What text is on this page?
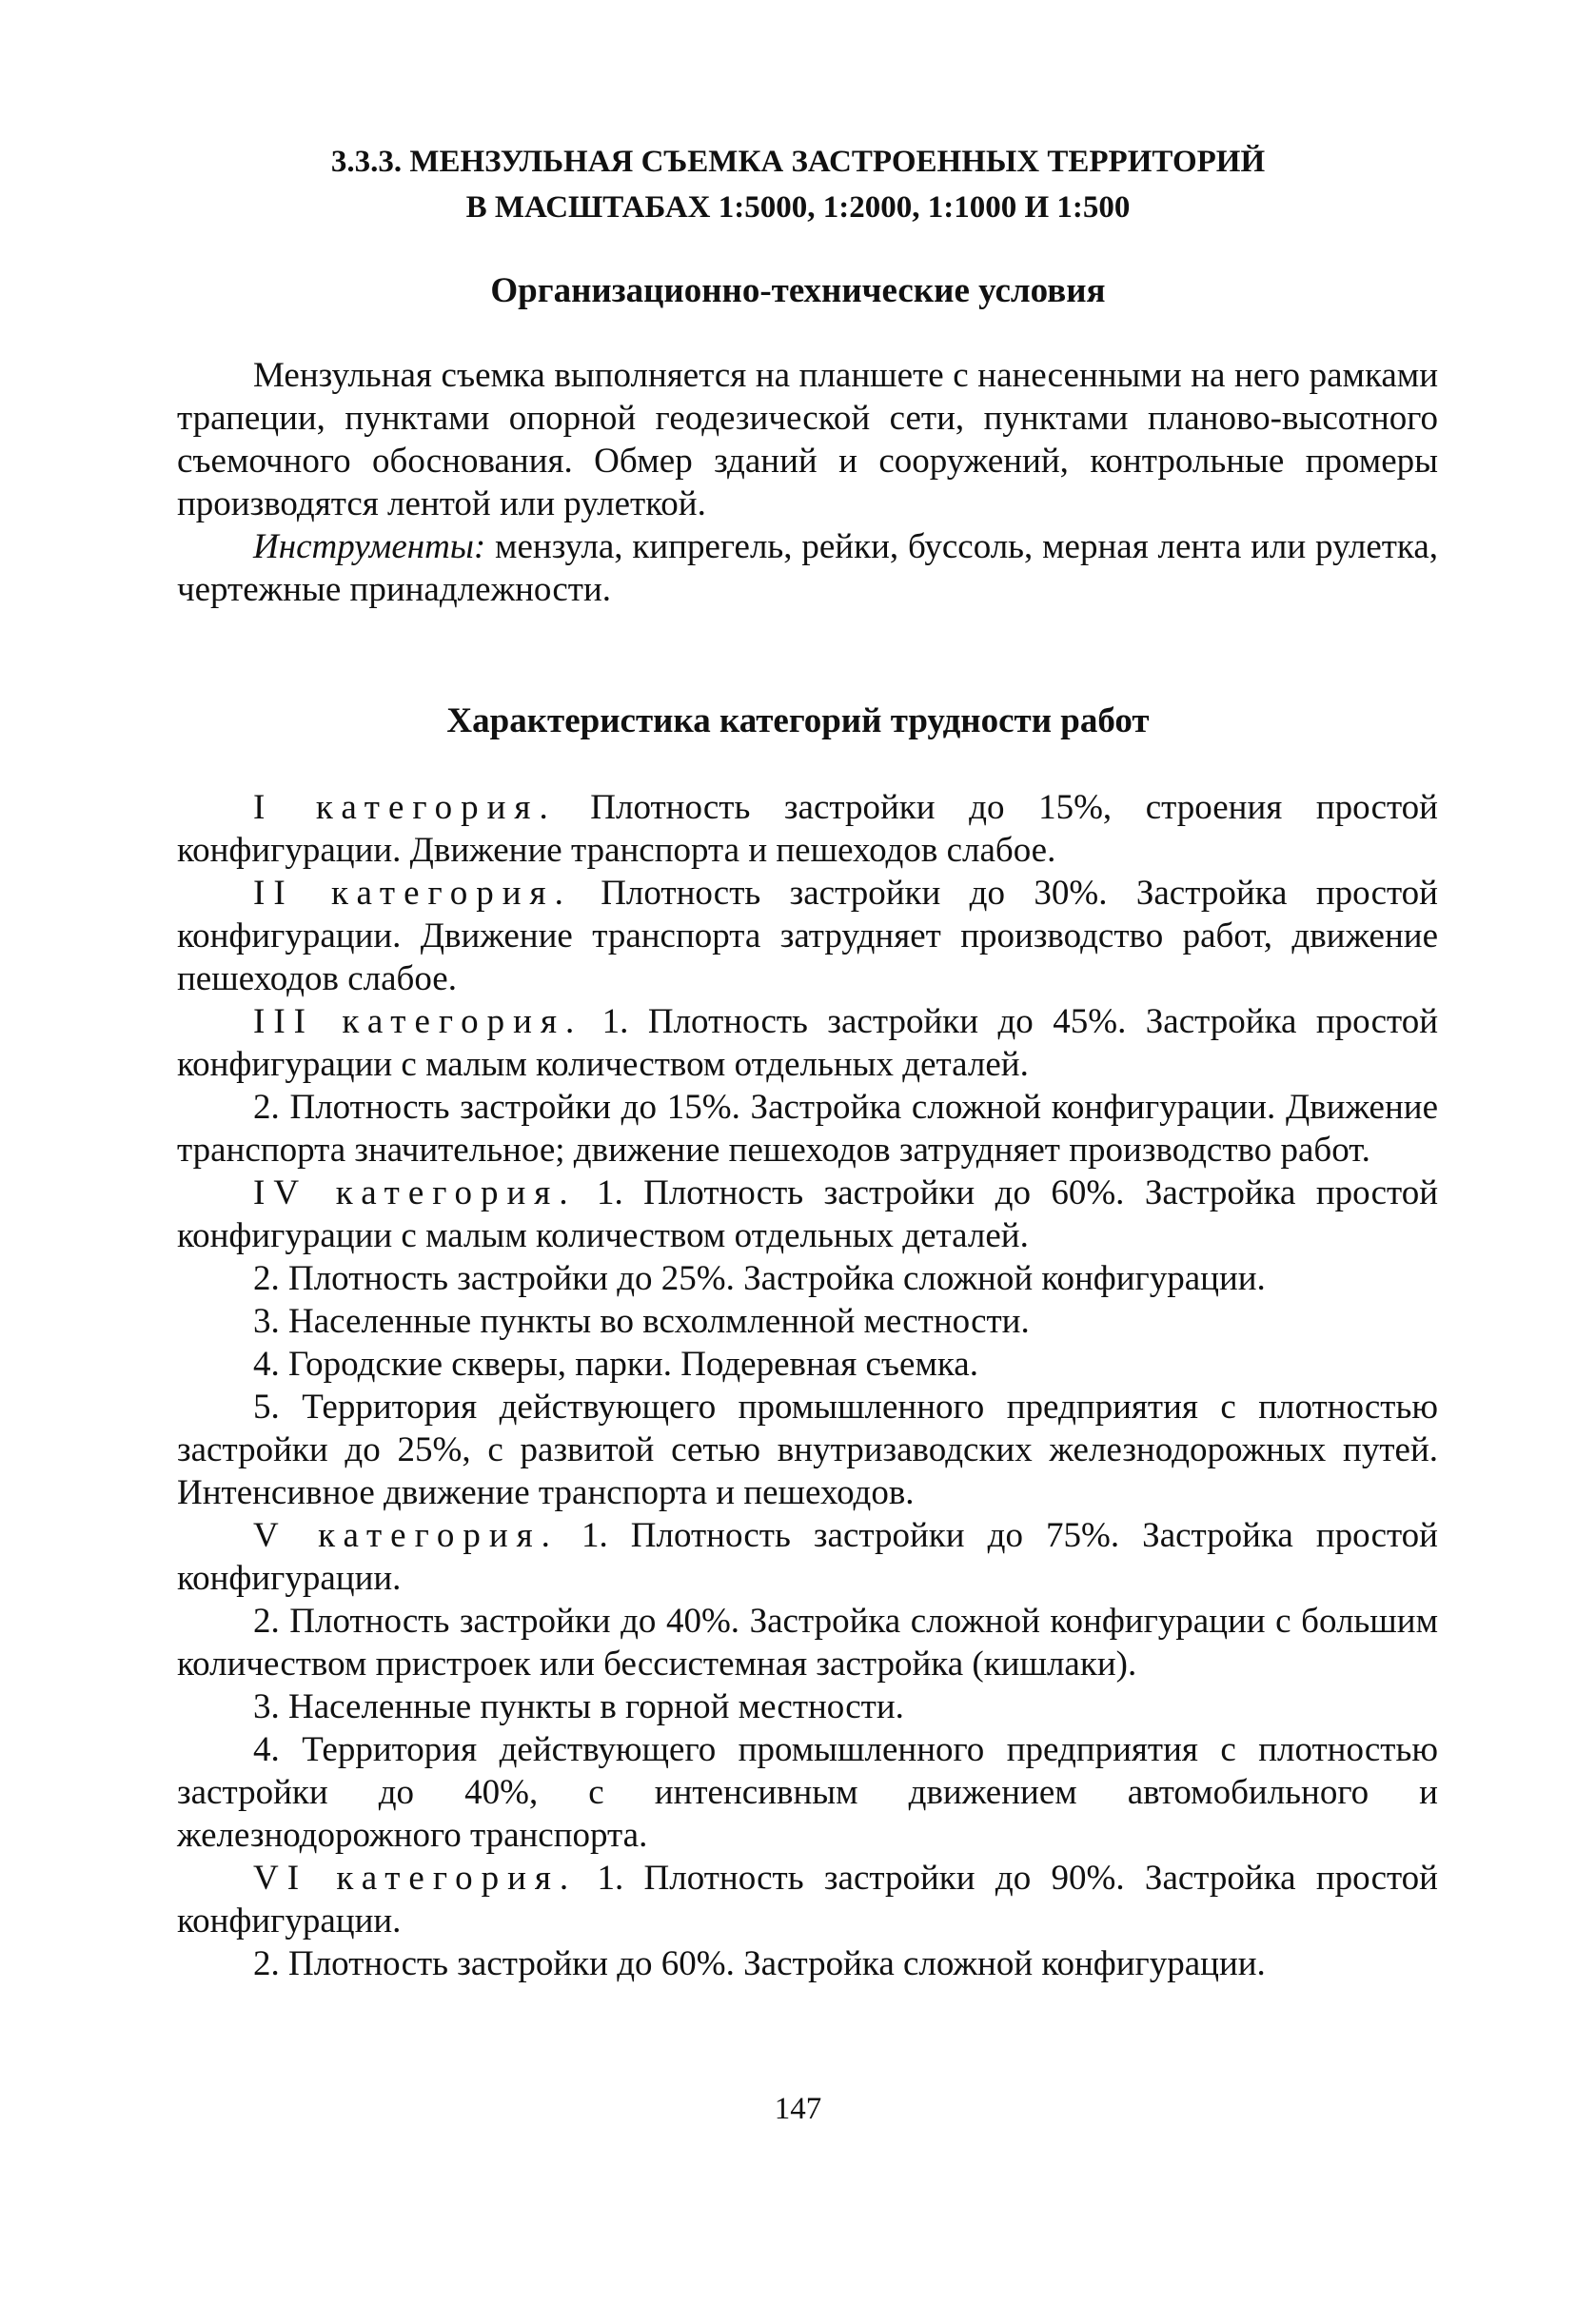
3.3.3. МЕНЗУЛЬНАЯ СЪЕМКА ЗАСТРОЕННЫХ ТЕРРИТОРИЙ
В МАСШТАБАХ 1:5000, 1:2000, 1:1000 И 1:500
Организационно-технические условия

Мензульная съемка выполняется на планшете с нанесенными на него рамками трапеции, пунктами опорной геодезической сети, пунктами планово-высотного съемочного обоснования. Обмер зданий и сооружений, контрольные промеры производятся лентой или рулеткой.

Инструменты: мензула, кипрегель, рейки, буссоль, мерная лента или рулетка, чертежные принадлежности.

Характеристика категорий трудности работ

I категория. Плотность застройки до 15%, строения простой конфигурации. Движение транспорта и пешеходов слабое.

II категория. Плотность застройки до 30%. Застройка простой конфигурации. Движение транспорта затрудняет производство работ, движение пешеходов слабое.

III категория. 1. Плотность застройки до 45%. Застройка простой конфигурации с малым количеством отдельных деталей.

2. Плотность застройки до 15%. Застройка сложной конфигурации. Движение транспорта значительное; движение пешеходов затрудняет производство работ.

IV категория. 1. Плотность застройки до 60%. Застройка простой конфигурации с малым количеством отдельных деталей.

2. Плотность застройки до 25%. Застройка сложной конфигурации.

3. Населенные пункты во всхолмленной местности.

4. Городские скверы, парки. Подеревная съемка.

5. Территория действующего промышленного предприятия с плотностью застройки до 25%, с развитой сетью внутризаводских железнодорожных путей. Интенсивное движение транспорта и пешеходов.

V категория. 1. Плотность застройки до 75%. Застройка простой конфигурации.

2. Плотность застройки до 40%. Застройка сложной конфигурации с большим количеством пристроек или бессистемная застройка (кишлаки).

3. Населенные пункты в горной местности.

4. Территория действующего промышленного предприятия с плотностью застройки до 40%, с интенсивным движением автомобильного и железнодорожного транспорта.

VI категория. 1. Плотность застройки до 90%. Застройка простой конфигурации.

2. Плотность застройки до 60%. Застройка сложной конфигурации.

147
